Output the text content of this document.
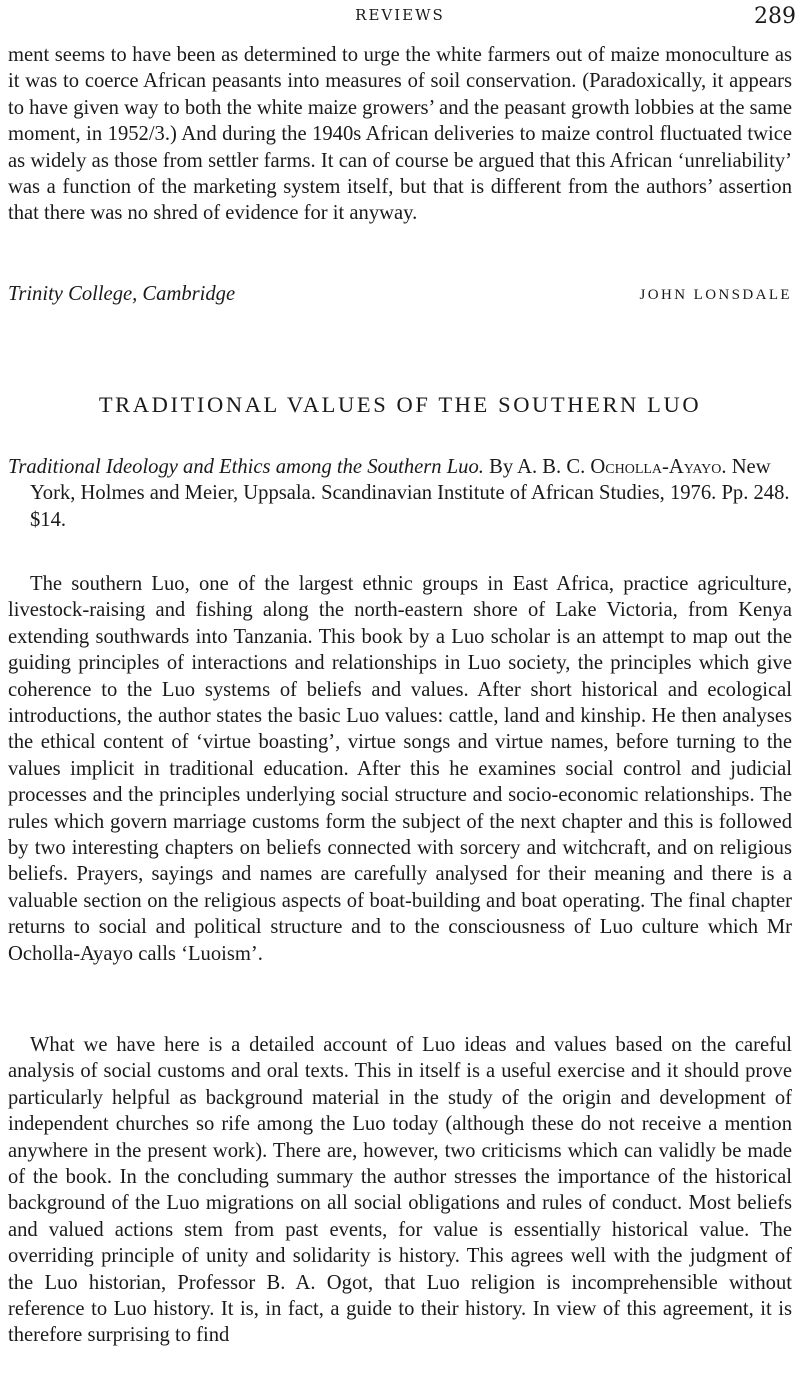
REVIEWS	289

ment seems to have been as determined to urge the white farmers out of maize monoculture as it was to coerce African peasants into measures of soil conservation. (Paradoxically, it appears to have given way to both the white maize growers’ and the peasant growth lobbies at the same moment, in 1952/3.) And during the 1940s African deliveries to maize control fluctuated twice as widely as those from settler farms. It can of course be argued that this African ‘unreliability’ was a function of the marketing system itself, but that is different from the authors’ assertion that there was no shred of evidence for it anyway.

Trinity College, Cambridge	JOHN LONSDALE
TRADITIONAL VALUES OF THE SOUTHERN LUO
Traditional Ideology and Ethics among the Southern Luo. By A. B. C. Ocholla-Ayayo. New York, Holmes and Meier, Uppsala. Scandinavian Institute of African Studies, 1976. Pp. 248. $14.

The southern Luo, one of the largest ethnic groups in East Africa, practice agriculture, livestock-raising and fishing along the north-eastern shore of Lake Victoria, from Kenya extending southwards into Tanzania. This book by a Luo scholar is an attempt to map out the guiding principles of interactions and relationships in Luo society, the principles which give coherence to the Luo systems of beliefs and values. After short historical and ecological introductions, the author states the basic Luo values: cattle, land and kinship. He then analyses the ethical content of ‘virtue boasting’, virtue songs and virtue names, before turning to the values implicit in traditional education. After this he examines social control and judicial processes and the principles underlying social structure and socio-economic relationships. The rules which govern marriage customs form the subject of the next chapter and this is followed by two interesting chapters on beliefs connected with sorcery and witchcraft, and on religious beliefs. Prayers, sayings and names are carefully analysed for their meaning and there is a valuable section on the religious aspects of boat-building and boat operating. The final chapter returns to social and political structure and to the consciousness of Luo culture which Mr Ocholla-Ayayo calls ‘Luoism’.

What we have here is a detailed account of Luo ideas and values based on the careful analysis of social customs and oral texts. This in itself is a useful exercise and it should prove particularly helpful as background material in the study of the origin and development of independent churches so rife among the Luo today (although these do not receive a mention anywhere in the present work). There are, however, two criticisms which can validly be made of the book. In the concluding summary the author stresses the importance of the historical background of the Luo migrations on all social obligations and rules of conduct. Most beliefs and valued actions stem from past events, for value is essentially historical value. The overriding principle of unity and solidarity is history. This agrees well with the judgment of the Luo historian, Professor B. A. Ogot, that Luo religion is incomprehensible without reference to Luo history. It is, in fact, a guide to their history. In view of this agreement, it is therefore surprising to find
